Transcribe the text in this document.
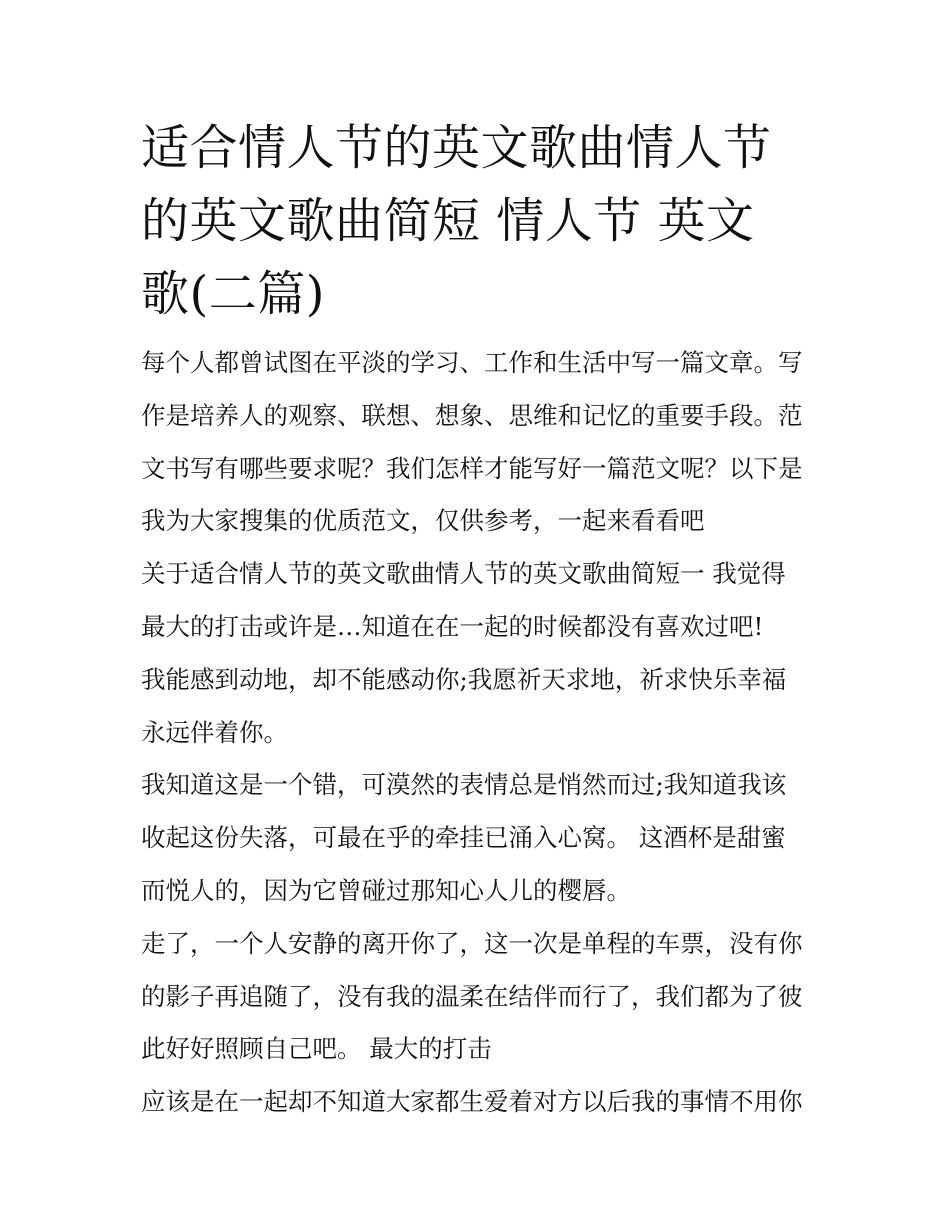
适合情人节的英文歌曲情人节
的英文歌曲简短 情人节 英文
歌(二篇)
每个人都曾试图在平淡的学习、工作和生活中写一篇文章。写
作是培养人的观察、联想、想象、思维和记忆的重要手段。范
文书写有哪些要求呢？我们怎样才能写好一篇范文呢？以下是
我为大家搜集的优质范文，仅供参考，一起来看看吧
关于适合情人节的英文歌曲情人节的英文歌曲简短一 我觉得
最大的打击或许是…知道在在一起的时候都没有喜欢过吧!
我能感到动地，却不能感动你;我愿祈天求地，祈求快乐幸福
永远伴着你。
我知道这是一个错，可漠然的表情总是悄然而过;我知道我该
收起这份失落，可最在乎的牵挂已涌入心窝。 这酒杯是甜蜜
而悦人的，因为它曾碰过那知心人儿的樱唇。
走了，一个人安静的离开你了，这一次是单程的车票，没有你
的影子再追随了，没有我的温柔在结伴而行了，我们都为了彼
此好好照顾自己吧。 最大的打击
应该是在一起却不知道大家都生爱着对方以后我的事情不用你
